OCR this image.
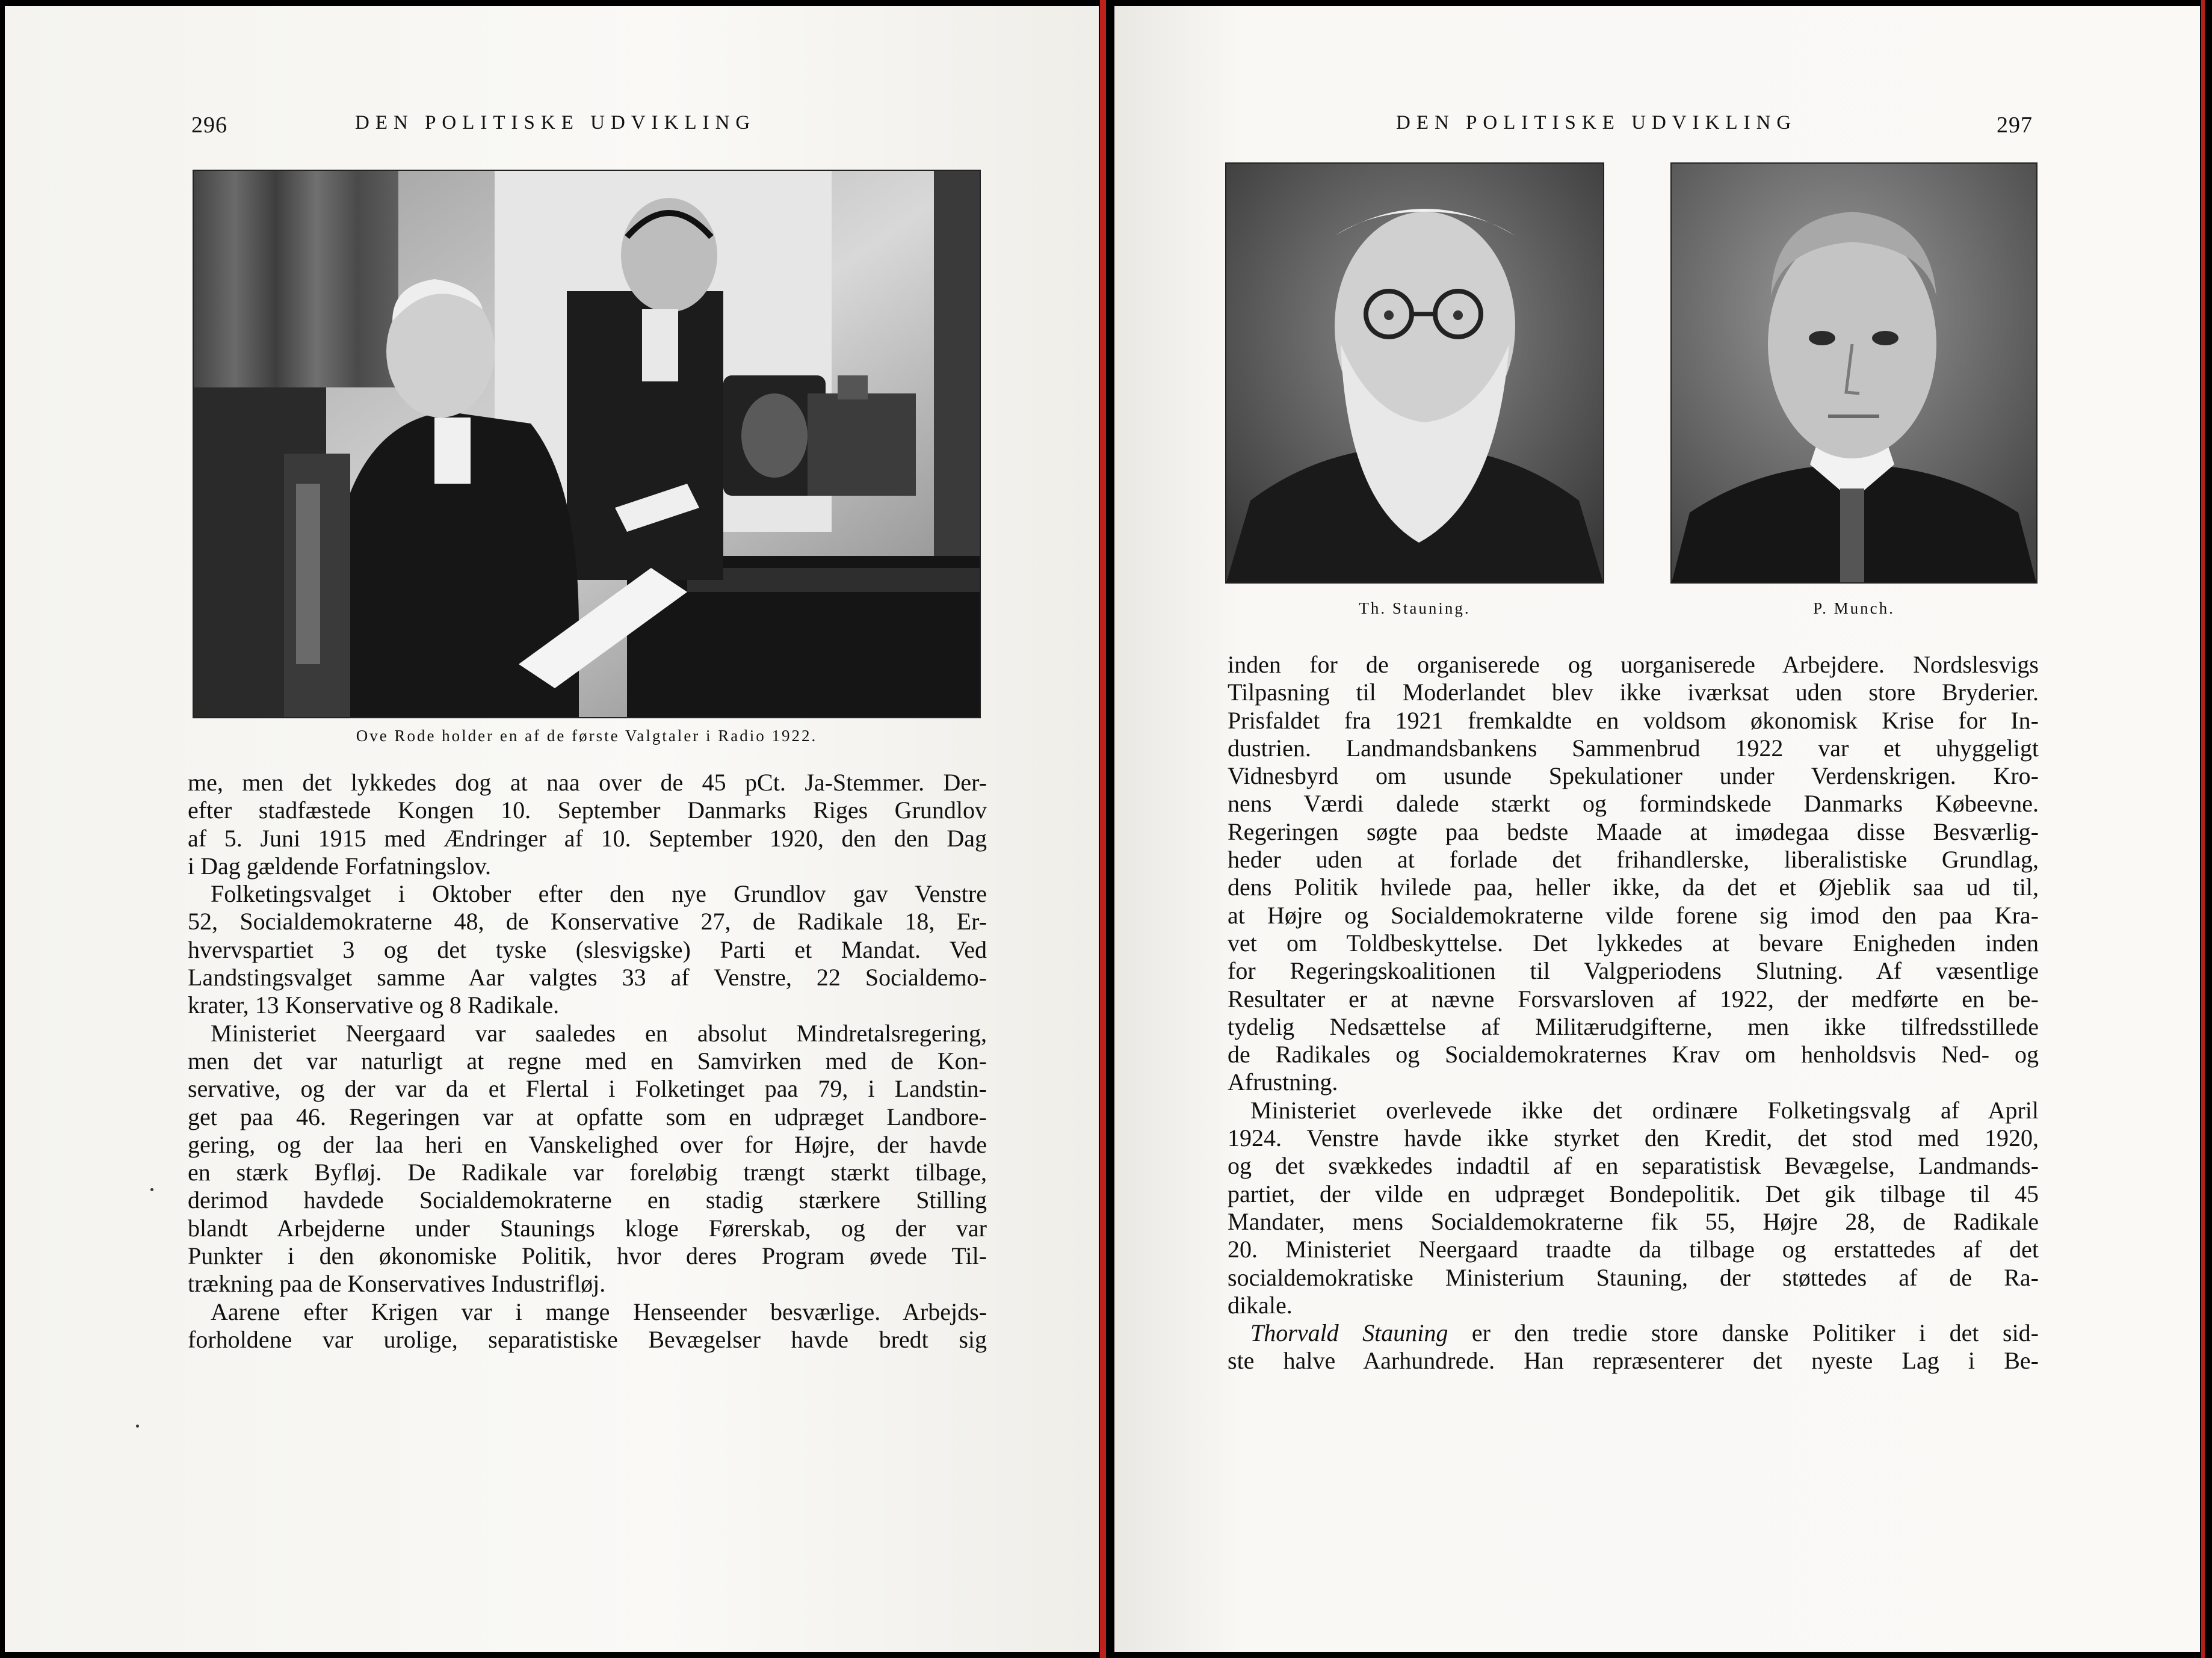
296	DEN POLITISKE UDVIKLING
Ove Rode holder en af de første Valgtaler i Radio 1922.
me, men det lykkedes dog at naa over de 45 pCt. Ja-Stemmer. Der-
efter stadfæstede Kongen 10. September Danmarks Riges Grundlov
af 5. Juni 1915 med Ændringer af 10. September 1920, den den Dag
i Dag gældende Forfatningslov.
Folketingsvalget i Oktober efter den nye Grundlov gav Venstre
52, Socialdemokraterne 48, de Konservative 27, de Radikale 18, Er-
hvervspartiet 3 og det tyske (slesvigske) Parti et Mandat. Ved
Landstingsvalget samme Aar valgtes 33 af Venstre, 22 Socialdemo-
krater, 13 Konservative og 8 Radikale.
Ministeriet Neergaard var saaledes en absolut Mindretalsregering,
men det var naturligt at regne med en Samvirken med de Kon-
servative, og der var da et Flertal i Folketinget paa 79, i Landstin-
get paa 46. Regeringen var at opfatte som en udpræget Landbore-
gering, og der laa heri en Vanskelighed over for Højre, der havde
en stærk Byfløj. De Radikale var foreløbig trængt stærkt tilbage,
derimod havdede Socialdemokraterne en stadig stærkere Stilling
blandt Arbejderne under Staunings kloge Førerskab, og der var
Punkter i den økonomiske Politik, hvor deres Program øvede Til-
trækning paa de Konservatives Industrifløj.
Aarene efter Krigen var i mange Henseender besværlige. Arbejds-
forholdene var urolige, separatistiske Bevægelser havde bredt sig
DEN POLITISKE UDVIKLING	297
Th. Stauning.	P. Munch.
inden for de organiserede og uorganiserede Arbejdere. Nordslesvigs
Tilpasning til Moderlandet blev ikke iværksat uden store Bryderier.
Prisfaldet fra 1921 fremkaldte en voldsom økonomisk Krise for In-
dustrien. Landmandsbankens Sammenbrud 1922 var et uhyggeligt
Vidnesbyrd om usunde Spekulationer under Verdenskrigen. Kro-
nens Værdi dalede stærkt og formindskede Danmarks Købeevne.
Regeringen søgte paa bedste Maade at imødegaa disse Besværlig-
heder uden at forlade det frihandlerske, liberalistiske Grundlag,
dens Politik hvilede paa, heller ikke, da det et Øjeblik saa ud til,
at Højre og Socialdemokraterne vilde forene sig imod den paa Kra-
vet om Toldbeskyttelse. Det lykkedes at bevare Enigheden inden
for Regeringskoalitionen til Valgperiodens Slutning. Af væsentlige
Resultater er at nævne Forsvarsloven af 1922, der medførte en be-
tydelig Nedsættelse af Militærudgifterne, men ikke tilfredsstillede
de Radikales og Socialdemokraternes Krav om henholdsvis Ned- og
Afrustning.
Ministeriet overlevede ikke det ordinære Folketingsvalg af April
1924. Venstre havde ikke styrket den Kredit, det stod med 1920,
og det svækkedes indadtil af en separatistisk Bevægelse, Landmands-
partiet, der vilde en udpræget Bondepolitik. Det gik tilbage til 45
Mandater, mens Socialdemokraterne fik 55, Højre 28, de Radikale
20. Ministeriet Neergaard traadte da tilbage og erstattedes af det
socialdemokratiske Ministerium Stauning, der støttedes af de Ra-
dikale.
Thorvald Stauning er den tredie store danske Politiker i det sid-
ste halve Aarhundrede. Han repræsenterer det nyeste Lag i Be-
